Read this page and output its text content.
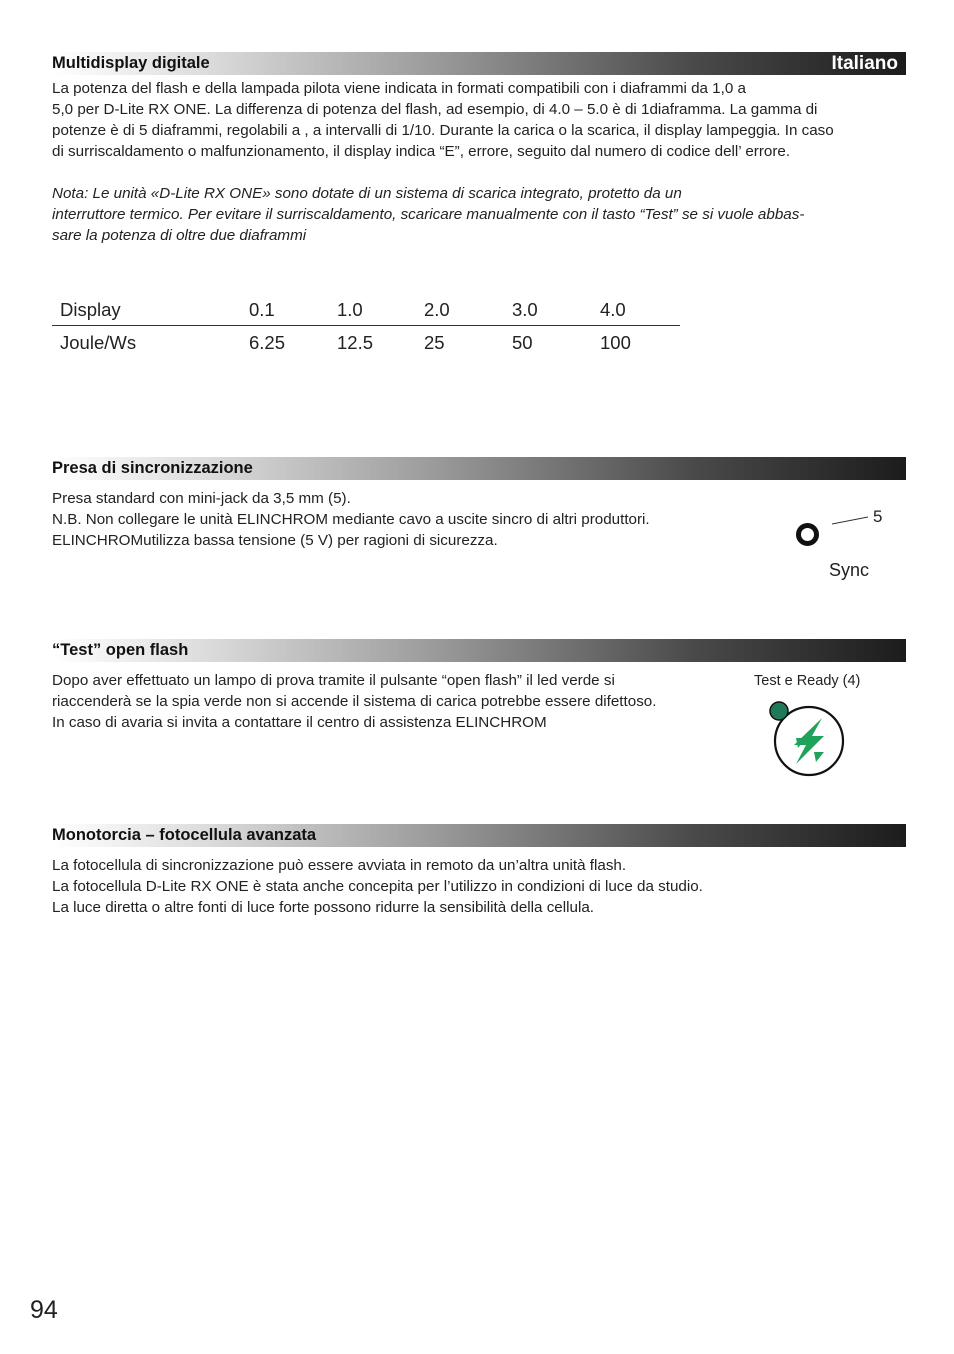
Multidisplay digitale	Italiano

La potenza del flash e della lampada pilota viene indicata in formati compatibili con i diaframmi da 1,0 a

5,0 per D-Lite RX ONE. La differenza di potenza del flash, ad esempio, di 4.0 – 5.0 è di 1diaframma. La gamma di

potenze è di 5 diaframmi, regolabili a , a intervalli di 1/10. Durante la carica o la scarica, il display lampeggia. In caso

di surriscaldamento o malfunzionamento, il display indica “E”, errore, seguito dal numero di codice dell’ errore.

Nota: Le unità «D-Lite RX ONE» sono dotate di un sistema di scarica integrato, protetto da un

interruttore termico. Per evitare il surriscaldamento, scaricare manualmente con il tasto “Test” se si vuole abbas-

sare la potenza di oltre due diaframmi

Display	0.1	1.0	2.0	3.0	4.0
Joule/Ws	6.25	12.5	25	50	100
Presa di sincronizzazione

Presa standard con mini-jack da 3,5 mm (5).

N.B. Non collegare le unità ELINCHROM mediante cavo a uscite sincro di altri produttori.

ELINCHROMutilizza bassa tensione (5 V) per ragioni di sicurezza.

5
Sync
“Test” open flash

Dopo aver effettuato un lampo di prova tramite il pulsante “open flash” il led verde si

riaccenderà se la spia verde non si accende il sistema di carica potrebbe essere difettoso.

In caso di avaria si invita a contattare il centro di assistenza ELINCHROM

Test e Ready (4)
Monotorcia – fotocellula avanzata

La fotocellula di sincronizzazione può essere avviata in remoto da un’altra unità flash.

La fotocellula D-Lite RX ONE è stata anche concepita per l’utilizzo in condizioni di luce da studio.

La luce diretta o altre fonti di luce forte possono ridurre la sensibilità della cellula.

94
